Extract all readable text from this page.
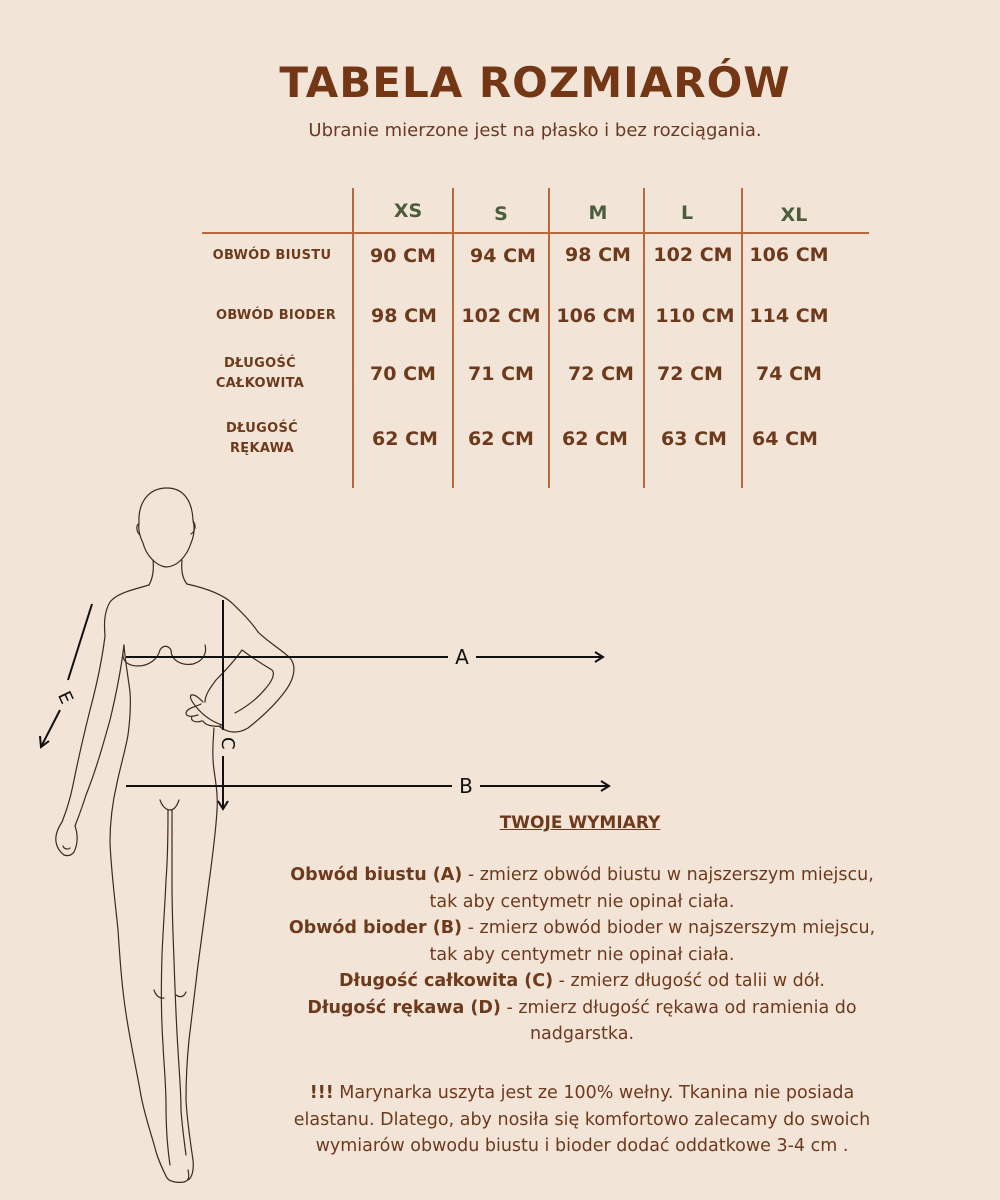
TABELA ROZMIARÓW
Ubranie mierzone jest na płasko i bez rozciągania.
XS	S	M	L	XL
OBWÓD BIUSTU	90 CM	94 CM	98 CM	102 CM 106 CM
OBWÓD BIODER	98 CM	102 CM 106 CM	110 CM 114 CM
DŁUGOŚĆ
CAŁKOWITA	70 CM	71 CM	72 CM	72 CM	74 CM
DŁUGOŚĆ
RĘKAWA	62 CM	62 CM	62 CM	63 CM	64 CM
A
B
C
E
TWOJE WYMIARY
Obwód biustu (A) - zmierz obwód biustu w najszerszym miejscu,
tak aby centymetr nie opinał ciała.
Obwód bioder (B) - zmierz obwód bioder w najszerszym miejscu,
tak aby centymetr nie opinał ciała.
Długość całkowita (C) - zmierz długość od talii w dół.
Długość rękawa (D) - zmierz długość rękawa od ramienia do
nadgarstka.
!!! Marynarka uszyta jest ze 100% wełny. Tkanina nie posiada
elastanu. Dlatego, aby nosiła się komfortowo zalecamy do swoich
wymiarów obwodu biustu i bioder dodać oddatkowe 3-4 cm .
